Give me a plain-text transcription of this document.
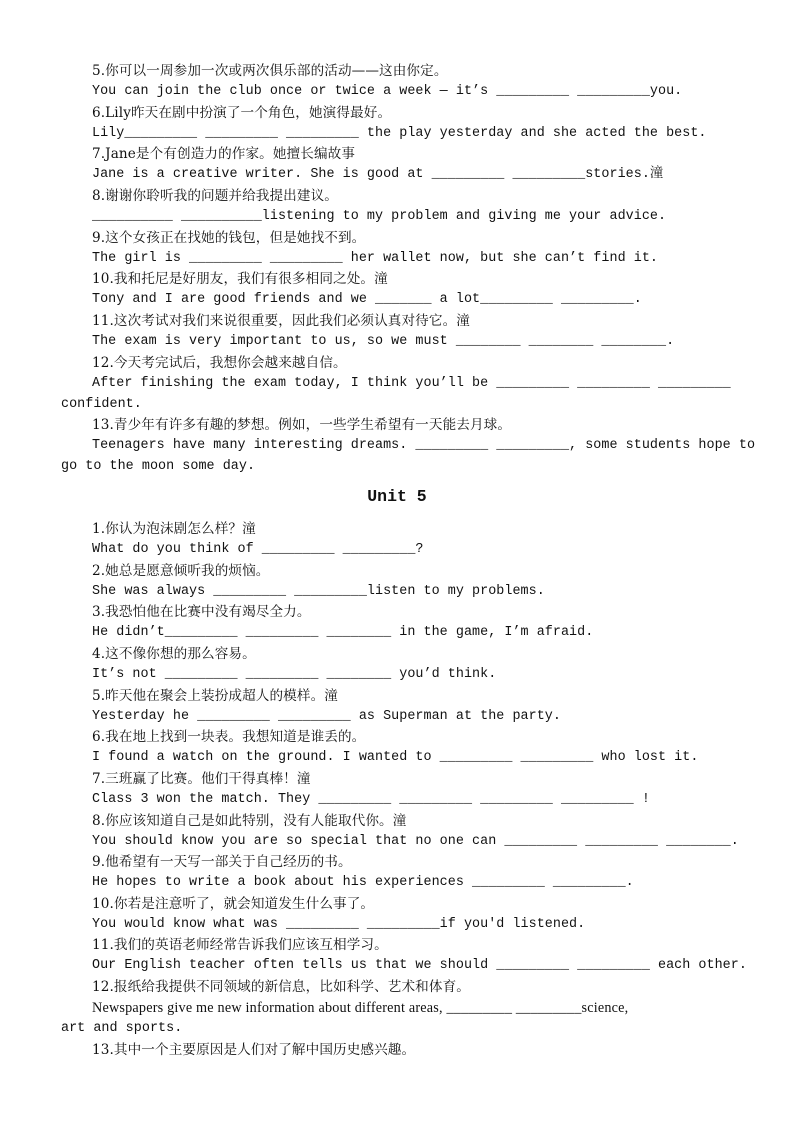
5.你可以一周参加一次或两次俱乐部的活动——这由你定。
You can join the club once or twice a week — it’s _________ _________you.
6.Lily昨天在剧中扮演了一个角色，她演得最好。
Lily_________ _________ _________ the play yesterday and she acted the best.
7.Jane是个有创造力的作家。她擅长编故事
Jane is a creative writer. She is good at _________ _________stories.潼
8.谢谢你聆听我的问题并给我提出建议。
__________ __________listening to my problem and giving me your advice.
9.这个女孩正在找她的钱包，但是她找不到。
The girl is _________ _________ her wallet now, but she can’t find it.
10.我和托尼是好朋友，我们有很多相同之处。潼
Tony and I are good friends and we _______ a lot_________ _________.
11.这次考试对我们来说很重要，因此我们必须认真对待它。潼
The exam is very important to us, so we must ________ ________ ________.
12.今天考完试后，我想你会越来越自信。
After finishing the exam today, I think you’ll be _________ _________ _________
confident.
13.青少年有许多有趣的梦想。例如，一些学生希望有一天能去月球。
Teenagers have many interesting dreams. _________ _________, some students hope to
go to the moon some day.
Unit 5
1.你认为泡沫剧怎么样？潼
What do you think of _________ _________?
2.她总是愿意倾听我的烦恼。
She was always _________ _________listen to my problems.
3.我恐怕他在比赛中没有竭尽全力。
He didn’t_________ _________ ________ in the game, I’m afraid.
4.这不像你想的那么容易。
It’s not _________ _________ ________ you’d think.
5.昨天他在聚会上装扮成超人的模样。潼
Yesterday he _________ _________ as Superman at the party.
6.我在地上找到一块表。我想知道是谁丢的。
I found a watch on the ground. I wanted to _________ _________ who lost it.
7.三班赢了比赛。他们干得真棒！潼
Class 3 won the match. They _________ _________ _________ _________ !
8.你应该知道自己是如此特别，没有人能取代你。潼
You should know you are so special that no one can _________ _________ ________.
9.他希望有一天写一部关于自己经历的书。
He hopes to write a book about his experiences _________ _________.
10.你若是注意听了，就会知道发生什么事了。
You would know what was _________ _________if you'd listened.
11.我们的英语老师经常告诉我们应该互相学习。
Our English teacher often tells us that we should _________ _________ each other.
12.报纸给我提供不同领域的新信息，比如科学、艺术和体育。
Newspapers give me new information about different areas, _________ _________science,
art and sports.
13.其中一个主要原因是人们对了解中国历史感兴趣。
